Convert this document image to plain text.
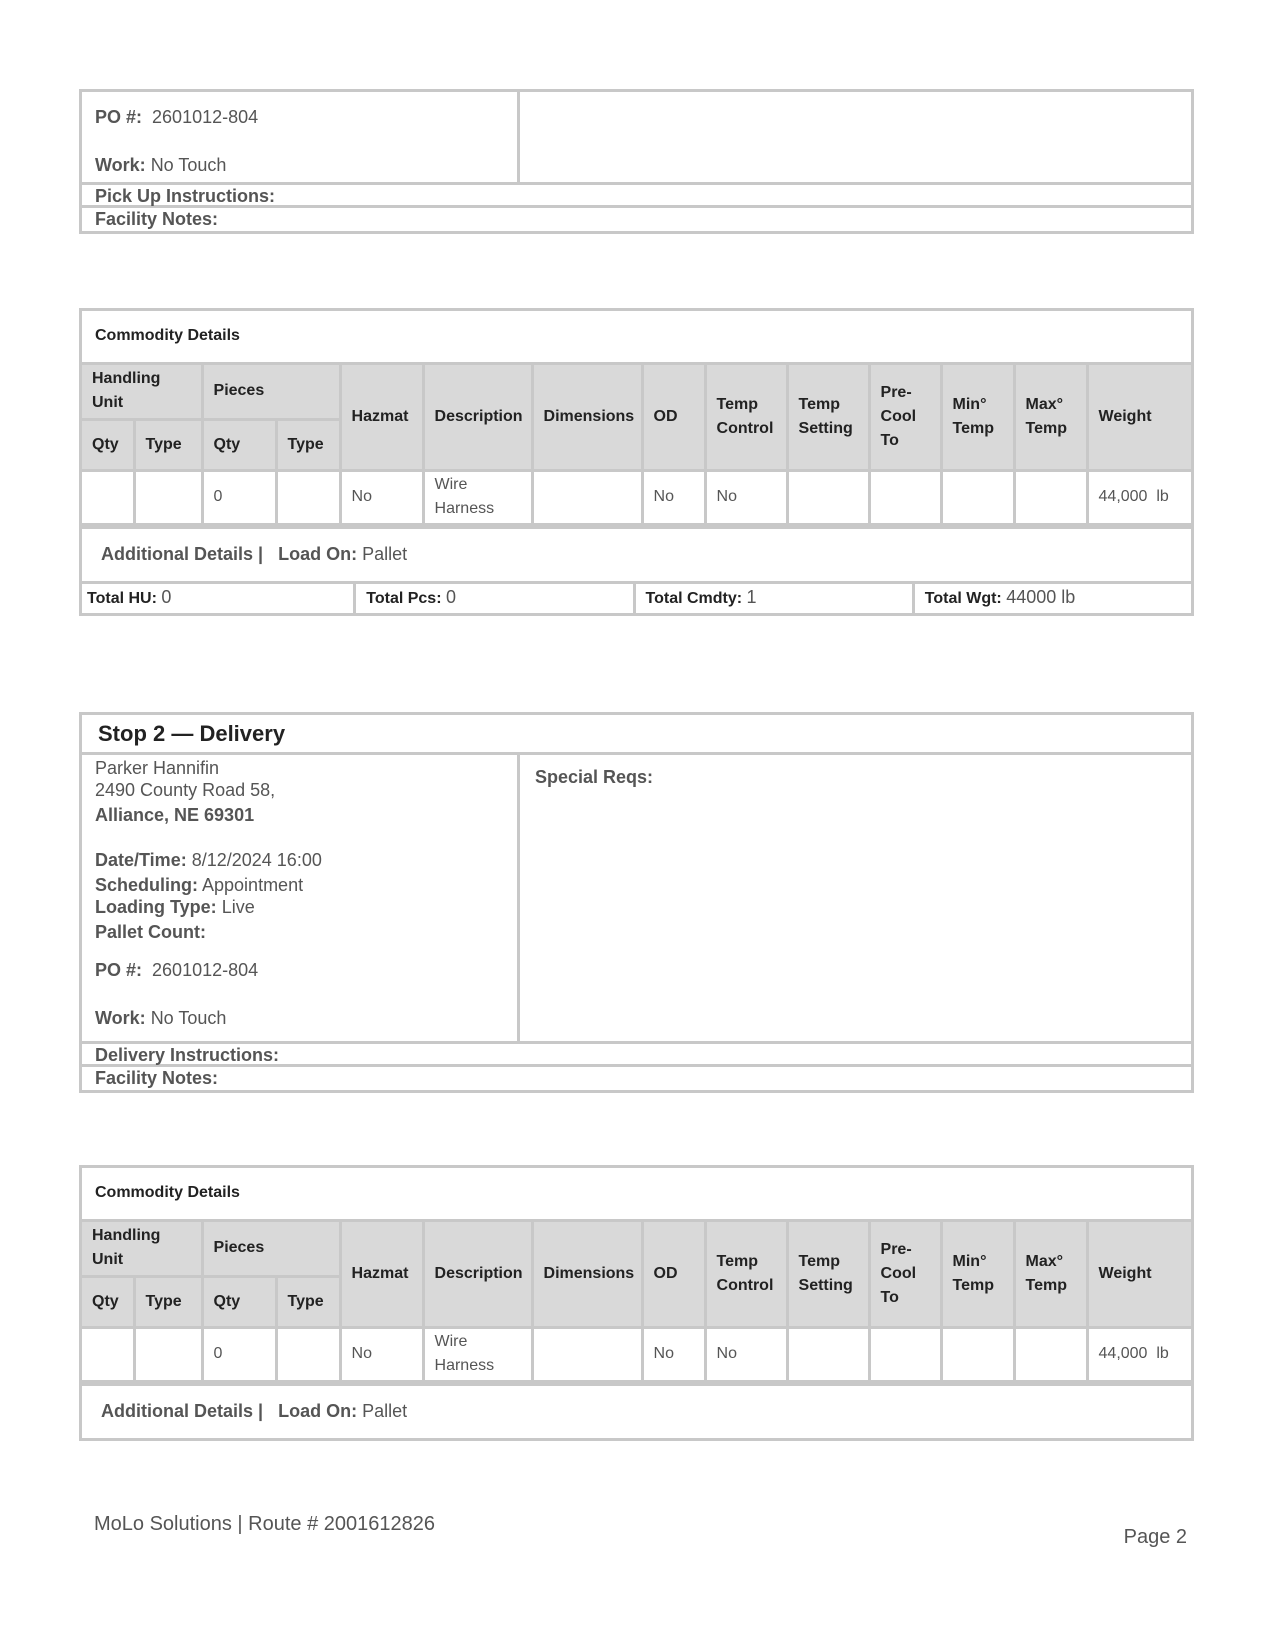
PO #: 2601012-804

Work: No Touch

Pick Up Instructions:
Facility Notes:
Commodity Details
Handling Unit		Pieces		Hazmat	Description	Dimensions	OD	Temp Control	Temp Setting	Pre-Cool To	Min° Temp	Max° Temp	Weight
Qty	Type	Qty	Type										
		0		No	Wire Harness		No	No					44,000  lb
Additional Details | Load On: Pallet
Total HU: 0	Total Pcs: 0	Total Cmdty: 1	Total Wgt: 44000 lb
Stop 2 — Delivery

Parker Hannifin

2490 County Road 58,

Alliance, NE 69301

Date/Time: 8/12/2024 16:00

Scheduling: Appointment

Loading Type: Live

Pallet Count:

PO #: 2601012-804

Work: No Touch

Special Reqs:
Delivery Instructions:
Facility Notes:
Commodity Details
Handling Unit		Pieces		Hazmat	Description	Dimensions	OD	Temp Control	Temp Setting	Pre-Cool To	Min° Temp	Max° Temp	Weight
Qty	Type	Qty	Type										
		0		No	Wire Harness		No	No					44,000  lb
Additional Details | Load On: Pallet
MoLo Solutions | Route # 2001612826
Page 2
